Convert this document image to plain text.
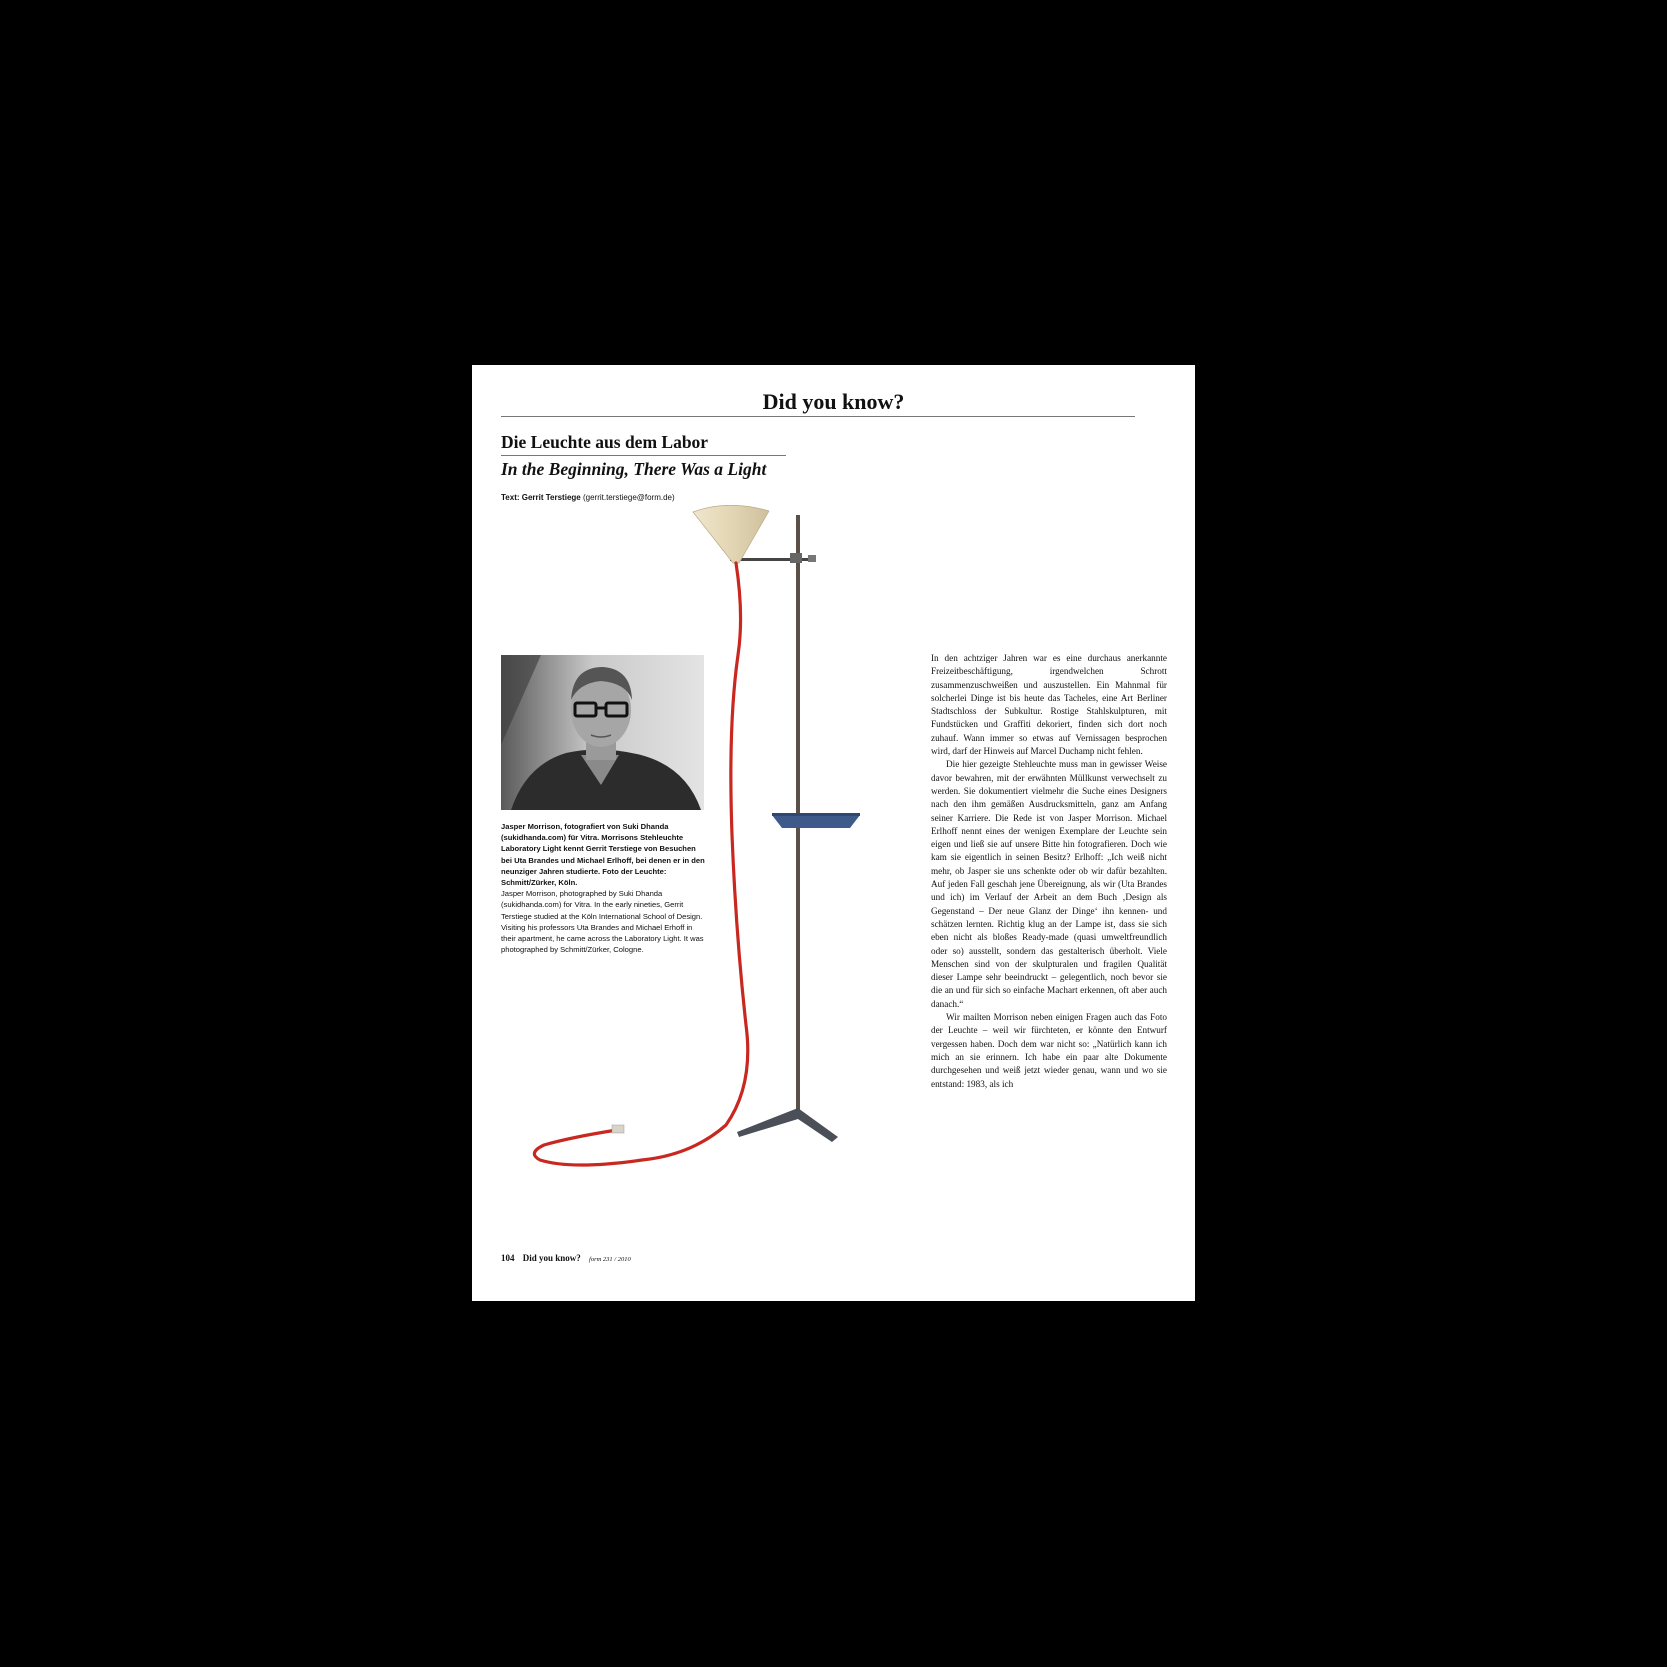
Did you know?
Die Leuchte aus dem Labor
In the Beginning, There Was a Light
Text: Gerrit Terstiege (gerrit.terstiege@form.de)

Jasper Morrison, fotografiert von Suki Dhanda (sukidhanda.com) für Vitra. Morrisons Stehleuchte Laboratory Light kennt Gerrit Terstiege von Besuchen bei Uta Brandes und Michael Erlhoff, bei denen er in den neunziger Jahren studierte. Foto der Leuchte: Schmitt/Zürker, Köln.

Jasper Morrison, photographed by Suki Dhanda (sukidhanda.com) for Vitra. In the early nineties, Gerrit Terstiege studied at the Köln International School of Design. Visiting his professors Uta Brandes and Michael Erhoff in their apartment, he came across the Laboratory Light. It was photographed by Schmitt/Zürker, Cologne.

In den achtziger Jahren war es eine durchaus anerkannte Freizeitbeschäftigung, irgendwelchen Schrott zusammenzuschweißen und auszustellen. Ein Mahnmal für solcherlei Dinge ist bis heute das Tacheles, eine Art Berliner Stadtschloss der Subkultur. Rostige Stahlskulpturen, mit Fundstücken und Graffiti dekoriert, finden sich dort noch zuhauf. Wann immer so etwas auf Vernissagen besprochen wird, darf der Hinweis auf Marcel Duchamp nicht fehlen.

Die hier gezeigte Stehleuchte muss man in gewisser Weise davor bewahren, mit der erwähnten Müllkunst verwechselt zu werden. Sie dokumentiert vielmehr die Suche eines Designers nach den ihm gemäßen Ausdrucksmitteln, ganz am Anfang seiner Karriere. Die Rede ist von Jasper Morrison. Michael Erlhoff nennt eines der wenigen Exemplare der Leuchte sein eigen und ließ sie auf unsere Bitte hin fotografieren. Doch wie kam sie eigentlich in seinen Besitz? Erlhoff: „Ich weiß nicht mehr, ob Jasper sie uns schenkte oder ob wir dafür bezahlten. Auf jeden Fall geschah jene Übereignung, als wir (Uta Brandes und ich) im Verlauf der Arbeit an dem Buch ‚Design als Gegenstand – Der neue Glanz der Dinge‘ ihn kennen- und schätzen lernten. Richtig klug an der Lampe ist, dass sie sich eben nicht als bloßes Ready-made (quasi umweltfreundlich oder so) ausstellt, sondern das gestalterisch überholt. Viele Menschen sind von der skulpturalen und fragilen Qualität dieser Lampe sehr beeindruckt – gelegentlich, noch bevor sie die an und für sich so einfache Machart erkennen, oft aber auch danach.“

Wir mailten Morrison neben einigen Fragen auch das Foto der Leuchte – weil wir fürchteten, er könnte den Entwurf vergessen haben. Doch dem war nicht so: „Natürlich kann ich mich an sie erinnern. Ich habe ein paar alte Dokumente durchgesehen und weiß jetzt wieder genau, wann und wo sie entstand: 1983, als ich

104 Did you know? form 231 / 2010
